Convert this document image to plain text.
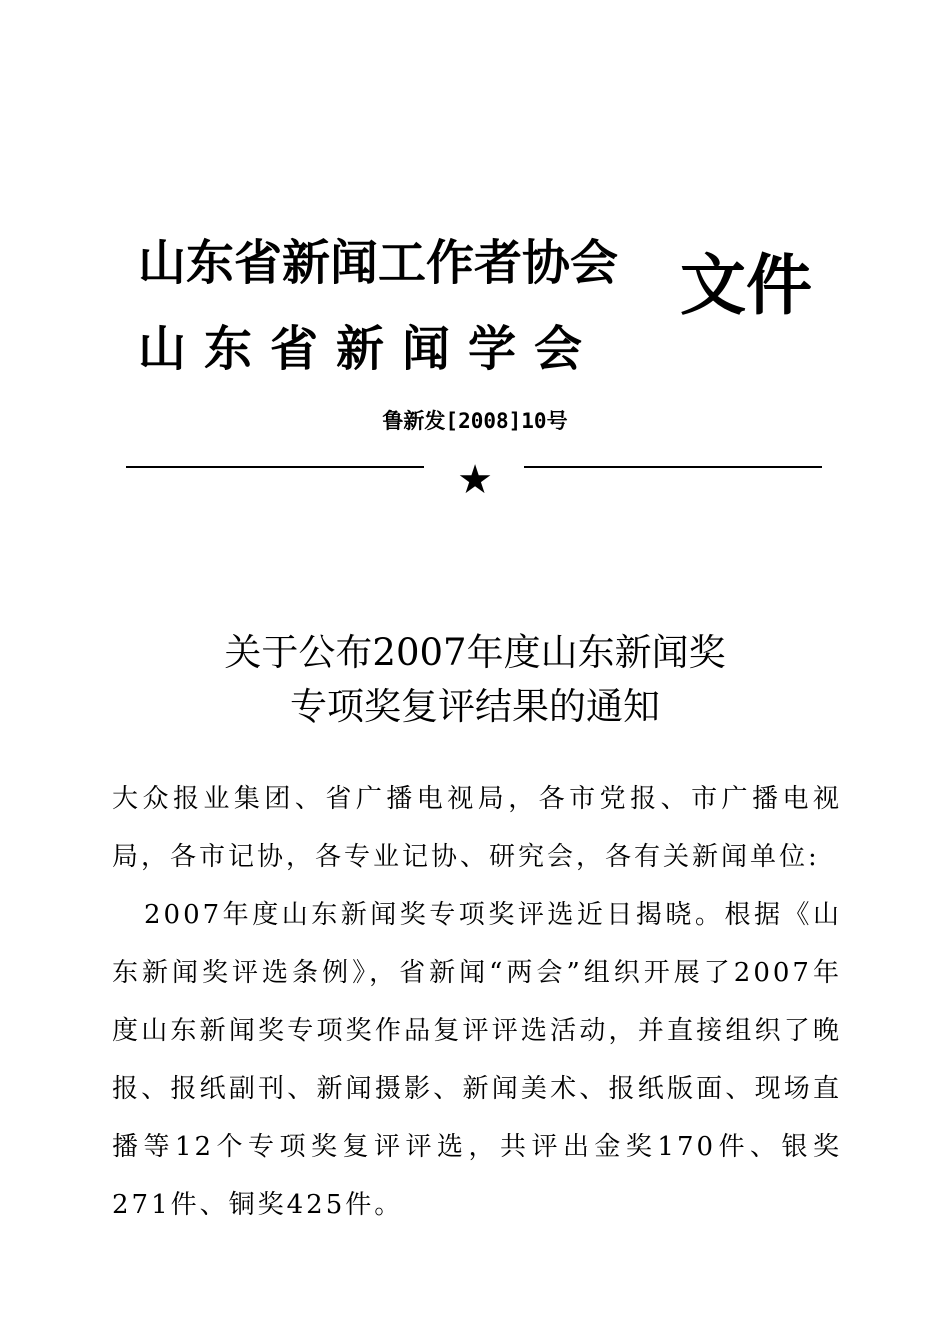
山东省新闻工作者协会
山东省新闻学会
文件
鲁新发[2008]10号
★
关于公布2007年度山东新闻奖
专项奖复评结果的通知

大众报业集团、省广播电视局，各市党报、市广播电视局，各市记协，各专业记协、研究会，各有关新闻单位:

2007年度山东新闻奖专项奖评选近日揭晓。根据《山东新闻奖评选条例》，省新闻“两会”组织开展了2007年度山东新闻奖专项奖作品复评评选活动，并直接组织了晚报、报纸副刊、新闻摄影、新闻美术、报纸版面、现场直播等12个专项奖复评评选，共评出金奖170件、银奖271件、铜奖425件。
